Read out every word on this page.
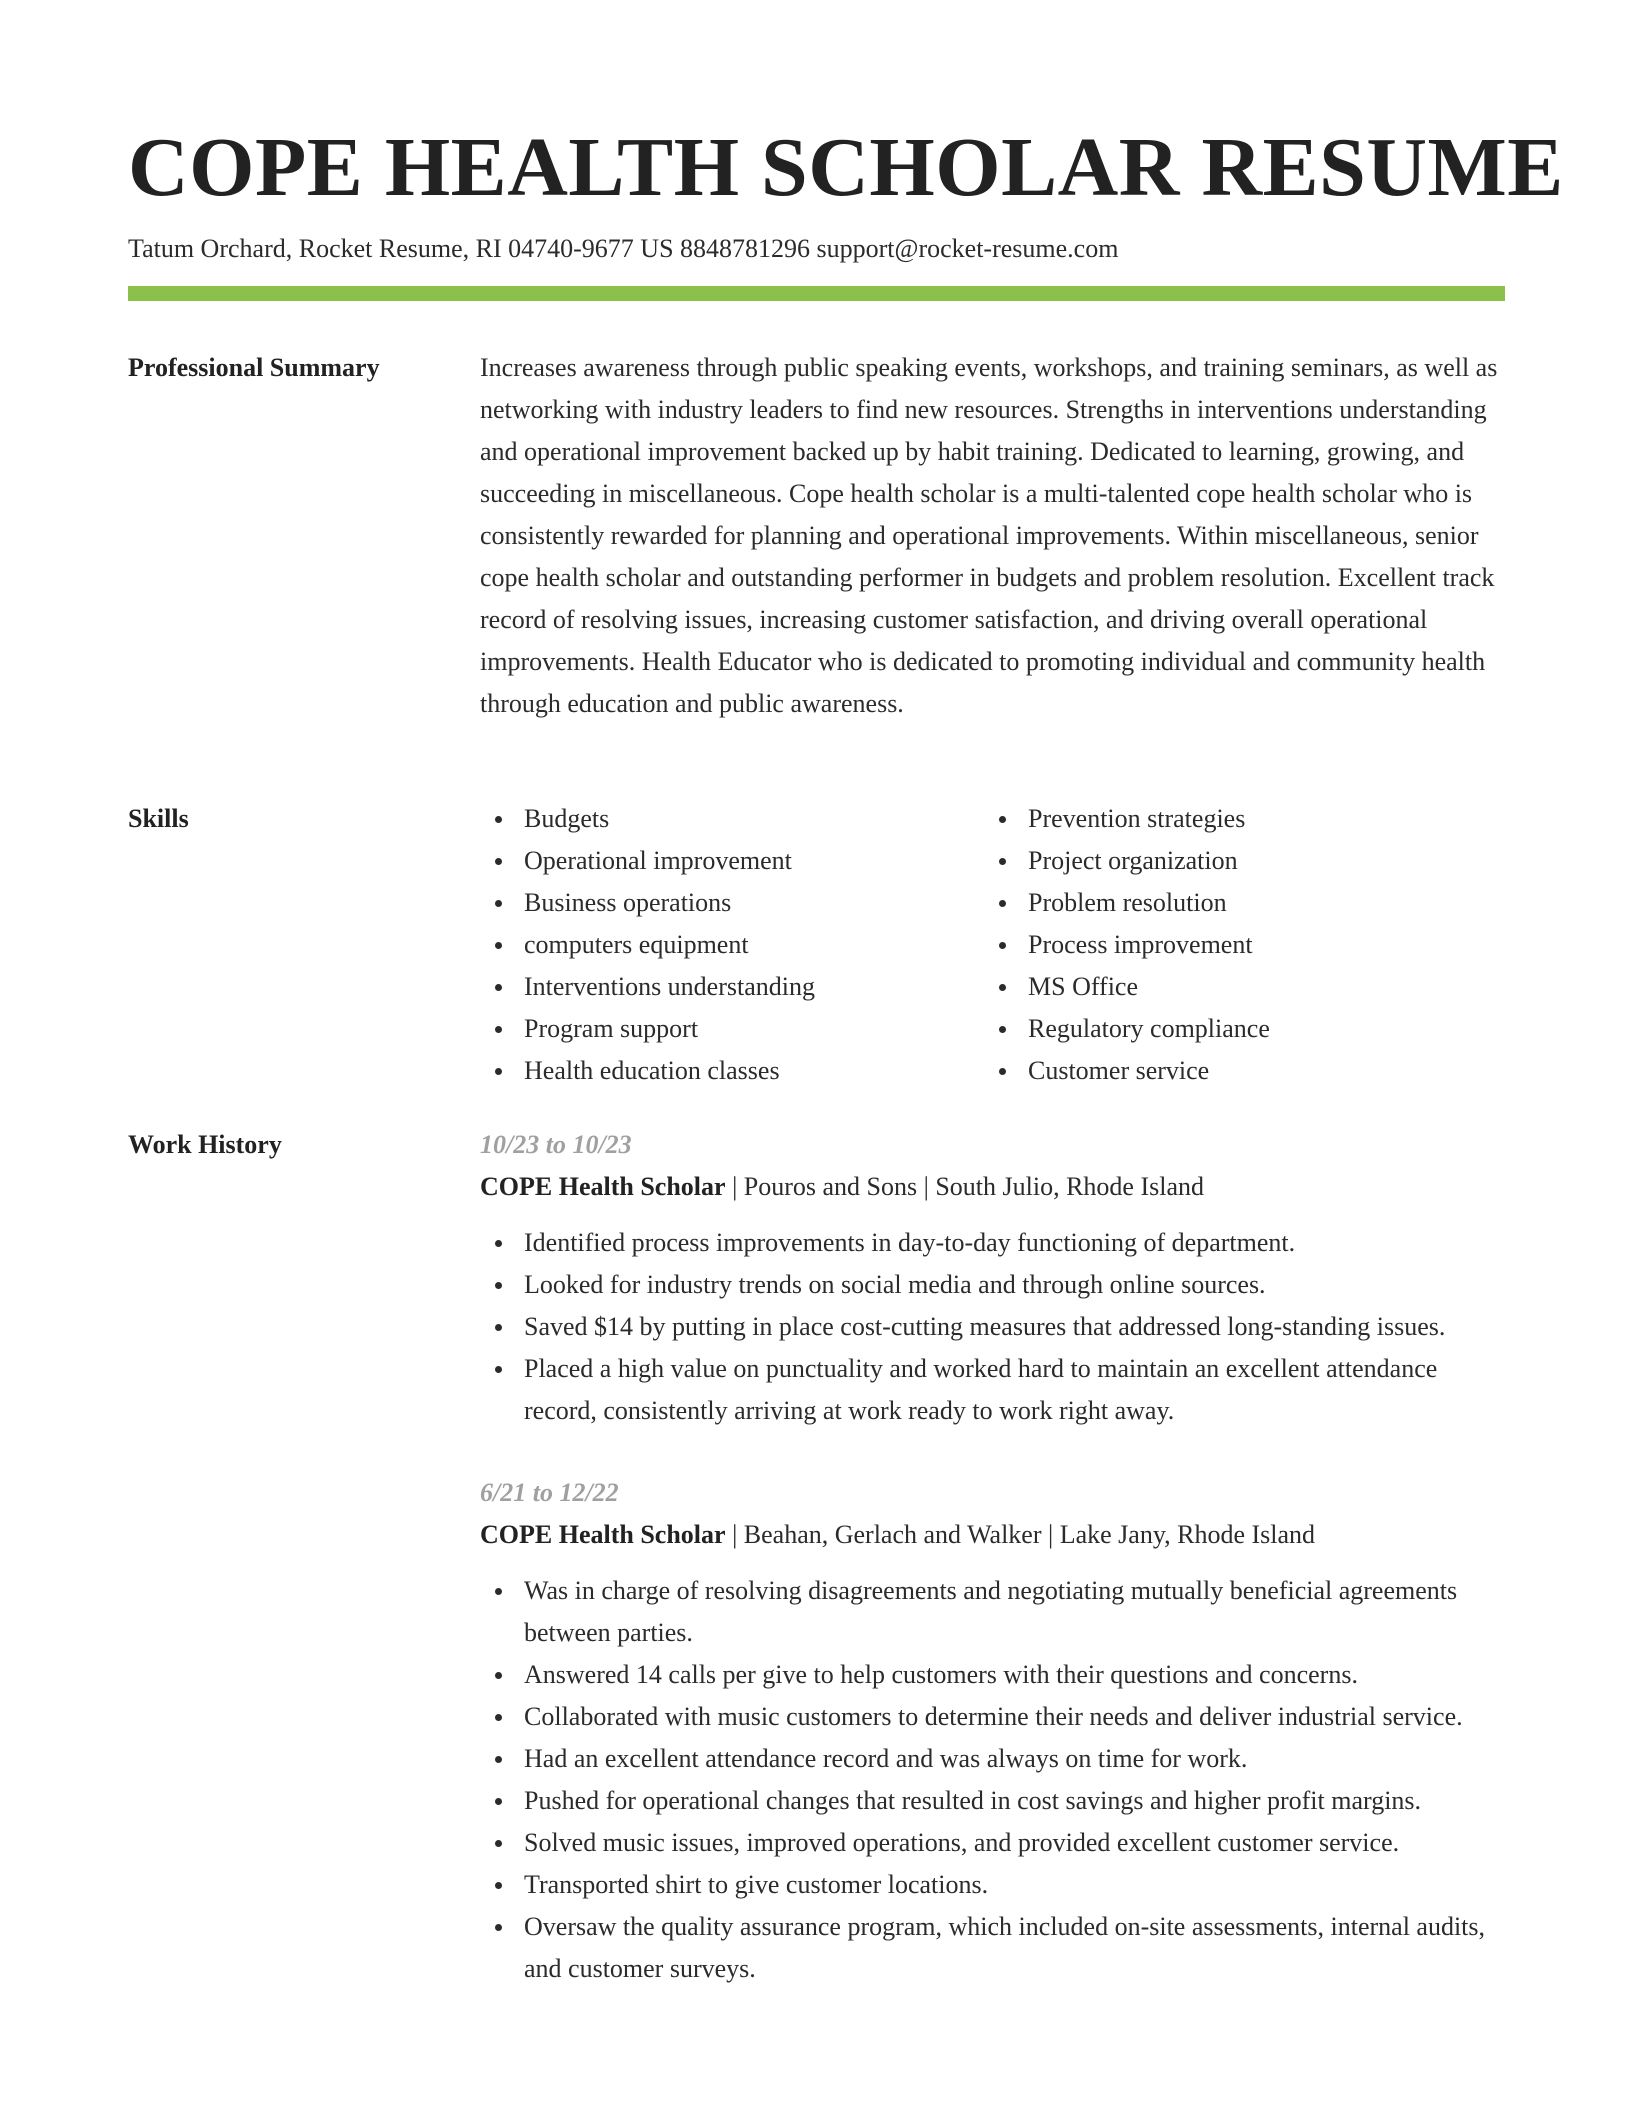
COPE HEALTH SCHOLAR RESUME
Tatum Orchard, Rocket Resume, RI 04740-9677 US 8848781296 support@rocket-resume.com
Professional Summary	Increases awareness through public speaking events, workshops, and training seminars, as well as networking with industry leaders to find new resources. Strengths in interventions understanding and operational improvement backed up by habit training. Dedicated to learning, growing, and succeeding in miscellaneous. Cope health scholar is a multi-talented cope health scholar who is consistently rewarded for planning and operational improvements. Within miscellaneous, senior cope health scholar and outstanding performer in budgets and problem resolution. Excellent track record of resolving issues, increasing customer satisfaction, and driving overall operational improvements. Health Educator who is dedicated to promoting individual and community health through education and public awareness.
Skills	Budgets
Operational improvement
Business operations
computers equipment
Interventions understanding
Program support
Health education classes
Prevention strategies
Project organization
Problem resolution
Process improvement
MS Office
Regulatory compliance
Customer service
Work History	10/23 to 10/23
COPE Health Scholar | Pouros and Sons | South Julio, Rhode Island
Identified process improvements in day-to-day functioning of department.
Looked for industry trends on social media and through online sources.
Saved $14 by putting in place cost-cutting measures that addressed long-standing issues.
Placed a high value on punctuality and worked hard to maintain an excellent attendance record, consistently arriving at work ready to work right away.
6/21 to 12/22
COPE Health Scholar | Beahan, Gerlach and Walker | Lake Jany, Rhode Island
Was in charge of resolving disagreements and negotiating mutually beneficial agreements between parties.
Answered 14 calls per give to help customers with their questions and concerns.
Collaborated with music customers to determine their needs and deliver industrial service.
Had an excellent attendance record and was always on time for work.
Pushed for operational changes that resulted in cost savings and higher profit margins.
Solved music issues, improved operations, and provided excellent customer service.
Transported shirt to give customer locations.
Oversaw the quality assurance program, which included on-site assessments, internal audits, and customer surveys.
